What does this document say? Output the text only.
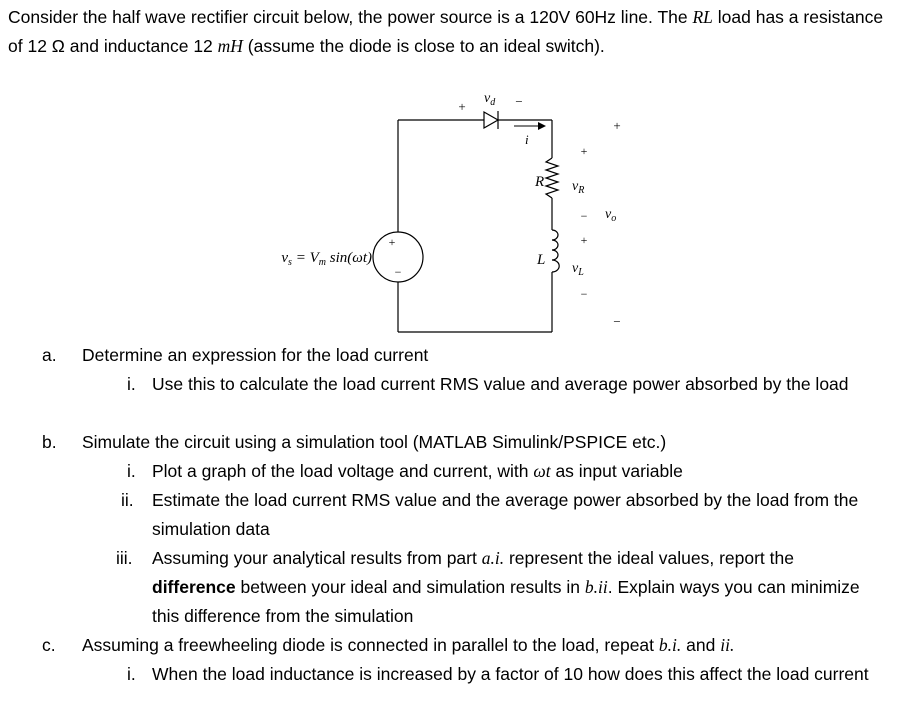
Consider the half wave rectifier circuit below, the power source is a 120V 60Hz line. The RL load has a resistance of 12 Ω and inductance 12 mH (assume the diode is close to an ideal switch).
+
−
+	−
$v_d$
i
R
+
$v_R$
−
L
+
$v_L$
−
+
$v_o$
−
$v_s = V_m$ sin(ωt)
a. Determine an expression for the load current
i. Use this to calculate the load current RMS value and average power absorbed by the load
b. Simulate the circuit using a simulation tool (MATLAB Simulink/PSPICE etc.)
i. Plot a graph of the load voltage and current, with ωt as input variable
ii. Estimate the load current RMS value and the average power absorbed by the load from the simulation data
iii. Assuming your analytical results from part a.i. represent the ideal values, report the difference between your ideal and simulation results in b.ii. Explain ways you can minimize this difference from the simulation
c. Assuming a freewheeling diode is connected in parallel to the load, repeat b.i. and ii.
i. When the load inductance is increased by a factor of 10 how does this affect the load current
